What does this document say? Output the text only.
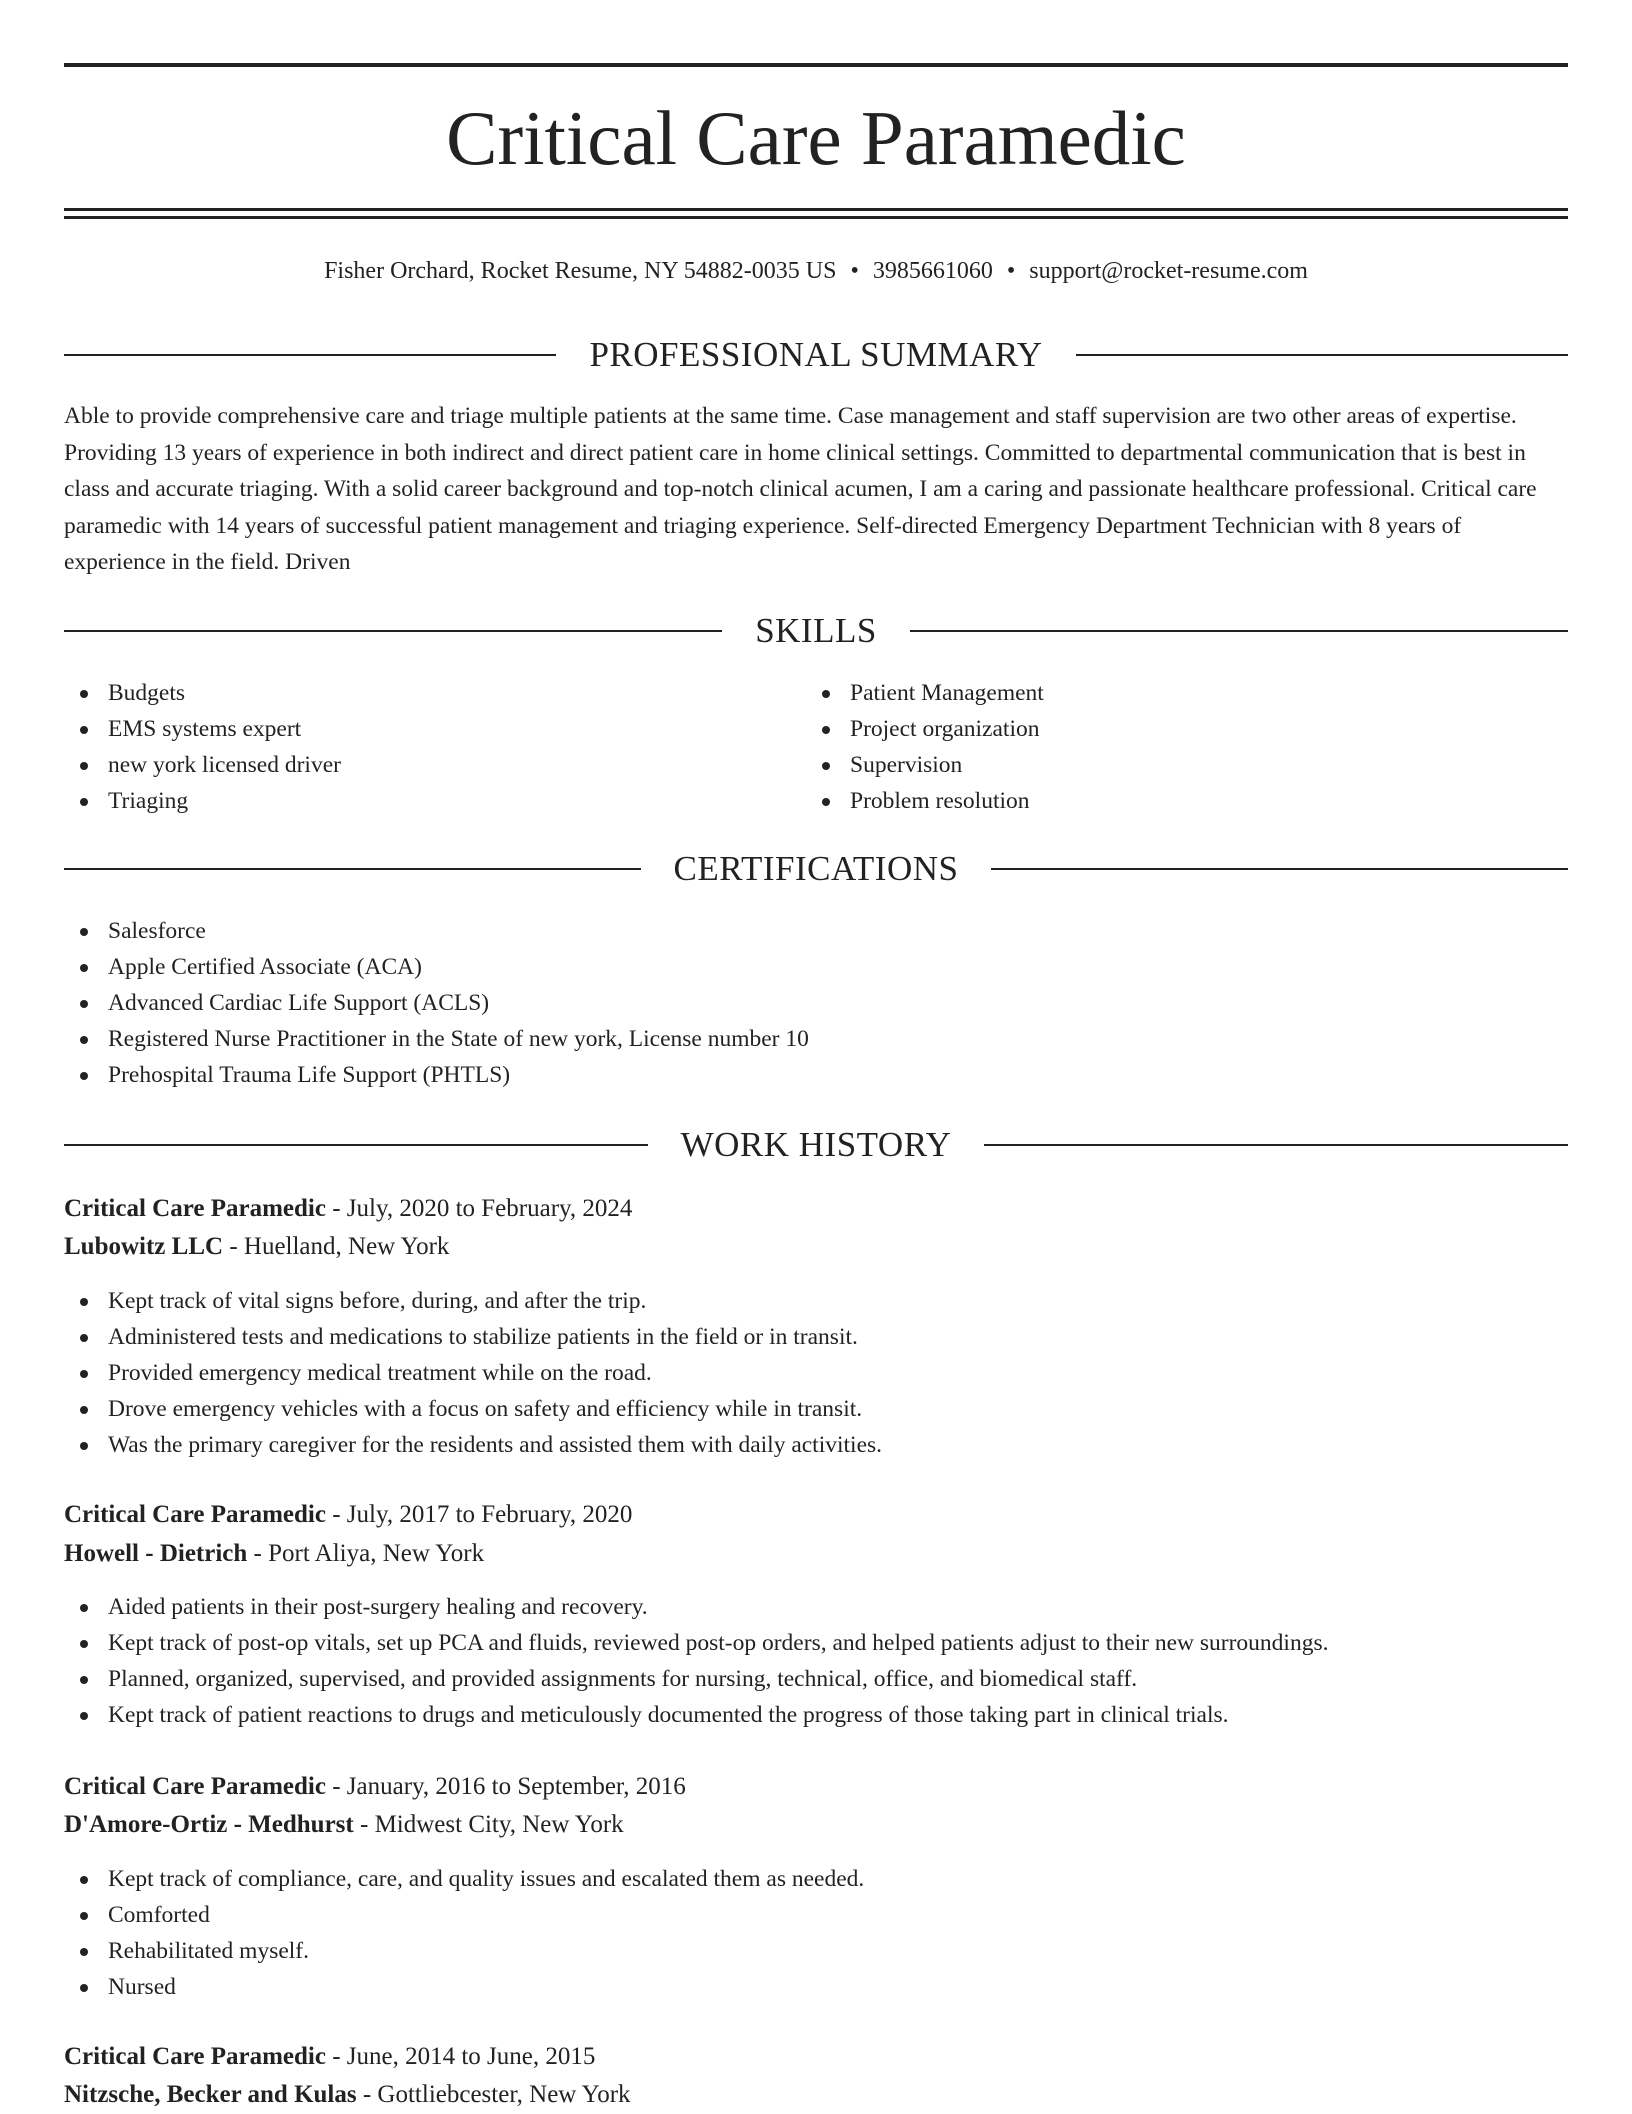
Critical Care Paramedic
Fisher Orchard, Rocket Resume, NY 54882-0035 US • 3985661060 • support@rocket-resume.com
PROFESSIONAL SUMMARY

Able to provide comprehensive care and triage multiple patients at the same time. Case management and staff supervision are two other areas of expertise. Providing 13 years of experience in both indirect and direct patient care in home clinical settings. Committed to departmental communication that is best in class and accurate triaging. With a solid career background and top-notch clinical acumen, I am a caring and passionate healthcare professional. Critical care paramedic with 14 years of successful patient management and triaging experience. Self-directed Emergency Department Technician with 8 years of experience in the field. Driven

SKILLS
Budgets
EMS systems expert
new york licensed driver
Triaging
Patient Management
Project organization
Supervision
Problem resolution
CERTIFICATIONS
Salesforce
Apple Certified Associate (ACA)
Advanced Cardiac Life Support (ACLS)
Registered Nurse Practitioner in the State of new york, License number 10
Prehospital Trauma Life Support (PHTLS)
WORK HISTORY
Critical Care Paramedic - July, 2020 to February, 2024
Lubowitz LLC - Huelland, New York
Kept track of vital signs before, during, and after the trip.
Administered tests and medications to stabilize patients in the field or in transit.
Provided emergency medical treatment while on the road.
Drove emergency vehicles with a focus on safety and efficiency while in transit.
Was the primary caregiver for the residents and assisted them with daily activities.
Critical Care Paramedic - July, 2017 to February, 2020
Howell - Dietrich - Port Aliya, New York
Aided patients in their post-surgery healing and recovery.
Kept track of post-op vitals, set up PCA and fluids, reviewed post-op orders, and helped patients adjust to their new surroundings.
Planned, organized, supervised, and provided assignments for nursing, technical, office, and biomedical staff.
Kept track of patient reactions to drugs and meticulously documented the progress of those taking part in clinical trials.
Critical Care Paramedic - January, 2016 to September, 2016
D'Amore-Ortiz - Medhurst - Midwest City, New York
Kept track of compliance, care, and quality issues and escalated them as needed.
Comforted
Rehabilitated myself.
Nursed
Critical Care Paramedic - June, 2014 to June, 2015
Nitzsche, Becker and Kulas - Gottliebcester, New York
